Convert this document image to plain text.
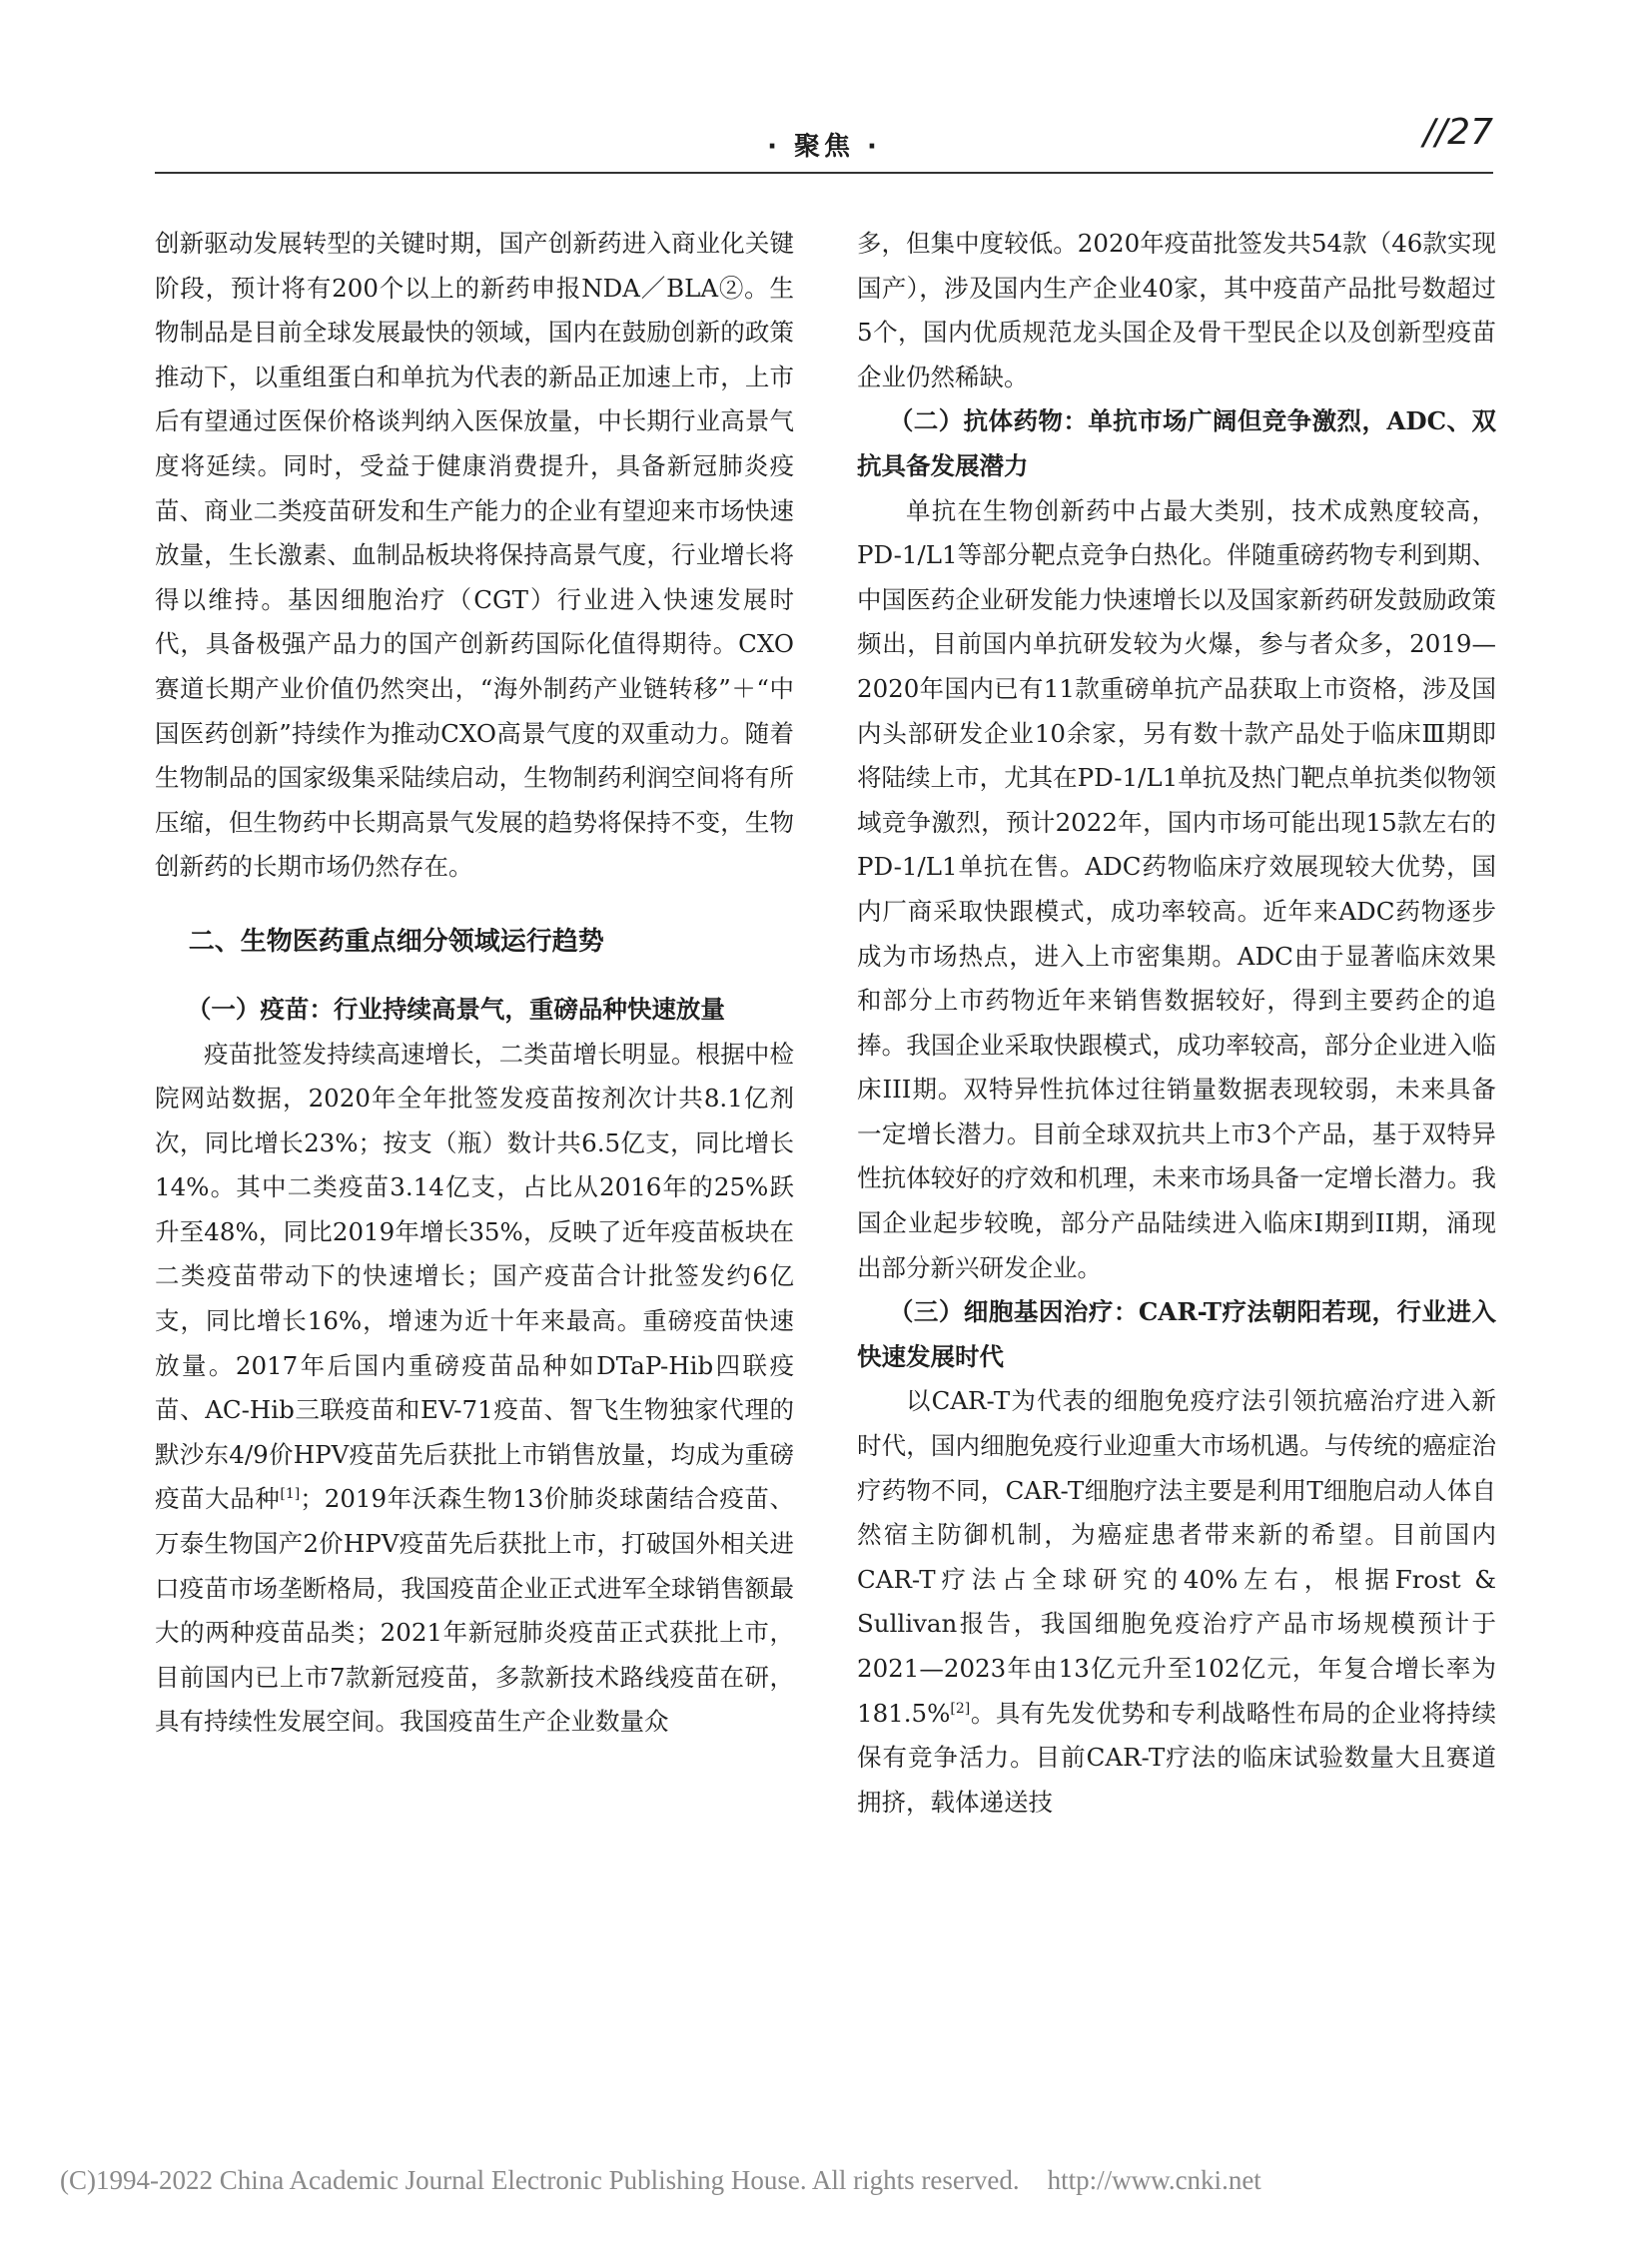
· 聚焦 ·	//27

创新驱动发展转型的关键时期，国产创新药进入商业化关键阶段，预计将有200个以上的新药申报NDA／BLA②。生物制品是目前全球发展最快的领域，国内在鼓励创新的政策推动下，以重组蛋白和单抗为代表的新品正加速上市，上市后有望通过医保价格谈判纳入医保放量，中长期行业高景气度将延续。同时，受益于健康消费提升，具备新冠肺炎疫苗、商业二类疫苗研发和生产能力的企业有望迎来市场快速放量，生长激素、血制品板块将保持高景气度，行业增长将得以维持。基因细胞治疗（CGT）行业进入快速发展时代，具备极强产品力的国产创新药国际化值得期待。CXO赛道长期产业价值仍然突出，“海外制药产业链转移”＋“中国医药创新”持续作为推动CXO高景气度的双重动力。随着生物制品的国家级集采陆续启动，生物制药利润空间将有所压缩，但生物药中长期高景气发展的趋势将保持不变，生物创新药的长期市场仍然存在。

二、生物医药重点细分领域运行趋势

（一）疫苗：行业持续高景气，重磅品种快速放量

疫苗批签发持续高速增长，二类苗增长明显。根据中检院网站数据，2020年全年批签发疫苗按剂次计共8.1亿剂次，同比增长23%；按支（瓶）数计共6.5亿支，同比增长14%。其中二类疫苗3.14亿支，占比从2016年的25%跃升至48%，同比2019年增长35%，反映了近年疫苗板块在二类疫苗带动下的快速增长；国产疫苗合计批签发约6亿支，同比增长16%，增速为近十年来最高。重磅疫苗快速放量。2017年后国内重磅疫苗品种如DTaP-Hib四联疫苗、AC-Hib三联疫苗和EV-71疫苗、智飞生物独家代理的默沙东4/9价HPV疫苗先后获批上市销售放量，均成为重磅疫苗大品种[1]；2019年沃森生物13价肺炎球菌结合疫苗、万泰生物国产2价HPV疫苗先后获批上市，打破国外相关进口疫苗市场垄断格局，我国疫苗企业正式进军全球销售额最大的两种疫苗品类；2021年新冠肺炎疫苗正式获批上市，目前国内已上市7款新冠疫苗，多款新技术路线疫苗在研，具有持续性发展空间。我国疫苗生产企业数量众

多，但集中度较低。2020年疫苗批签发共54款（46款实现国产），涉及国内生产企业40家，其中疫苗产品批号数超过5个，国内优质规范龙头国企及骨干型民企以及创新型疫苗企业仍然稀缺。

（二）抗体药物：单抗市场广阔但竞争激烈，ADC、双抗具备发展潜力

单抗在生物创新药中占最大类别，技术成熟度较高，PD-1/L1等部分靶点竞争白热化。伴随重磅药物专利到期、中国医药企业研发能力快速增长以及国家新药研发鼓励政策频出，目前国内单抗研发较为火爆，参与者众多，2019—2020年国内已有11款重磅单抗产品获取上市资格，涉及国内头部研发企业10余家，另有数十款产品处于临床Ⅲ期即将陆续上市，尤其在PD-1/L1单抗及热门靶点单抗类似物领域竞争激烈，预计2022年，国内市场可能出现15款左右的PD-1/L1单抗在售。ADC药物临床疗效展现较大优势，国内厂商采取快跟模式，成功率较高。近年来ADC药物逐步成为市场热点，进入上市密集期。ADC由于显著临床效果和部分上市药物近年来销售数据较好，得到主要药企的追捧。我国企业采取快跟模式，成功率较高，部分企业进入临床III期。双特异性抗体过往销量数据表现较弱，未来具备一定增长潜力。目前全球双抗共上市3个产品，基于双特异性抗体较好的疗效和机理，未来市场具备一定增长潜力。我国企业起步较晚，部分产品陆续进入临床I期到II期，涌现出部分新兴研发企业。

（三）细胞基因治疗：CAR-T疗法朝阳若现，行业进入快速发展时代

以CAR-T为代表的细胞免疫疗法引领抗癌治疗进入新时代，国内细胞免疫行业迎重大市场机遇。与传统的癌症治疗药物不同，CAR-T细胞疗法主要是利用T细胞启动人体自然宿主防御机制，为癌症患者带来新的希望。目前国内CAR-T疗法占全球研究的40%左右，根据Frost & Sullivan报告，我国细胞免疫治疗产品市场规模预计于2021—2023年由13亿元升至102亿元，年复合增长率为181.5%[2]。具有先发优势和专利战略性布局的企业将持续保有竞争活力。目前CAR-T疗法的临床试验数量大且赛道拥挤，载体递送技

(C)1994-2022 China Academic Journal Electronic Publishing House. All rights reserved. http://www.cnki.net
